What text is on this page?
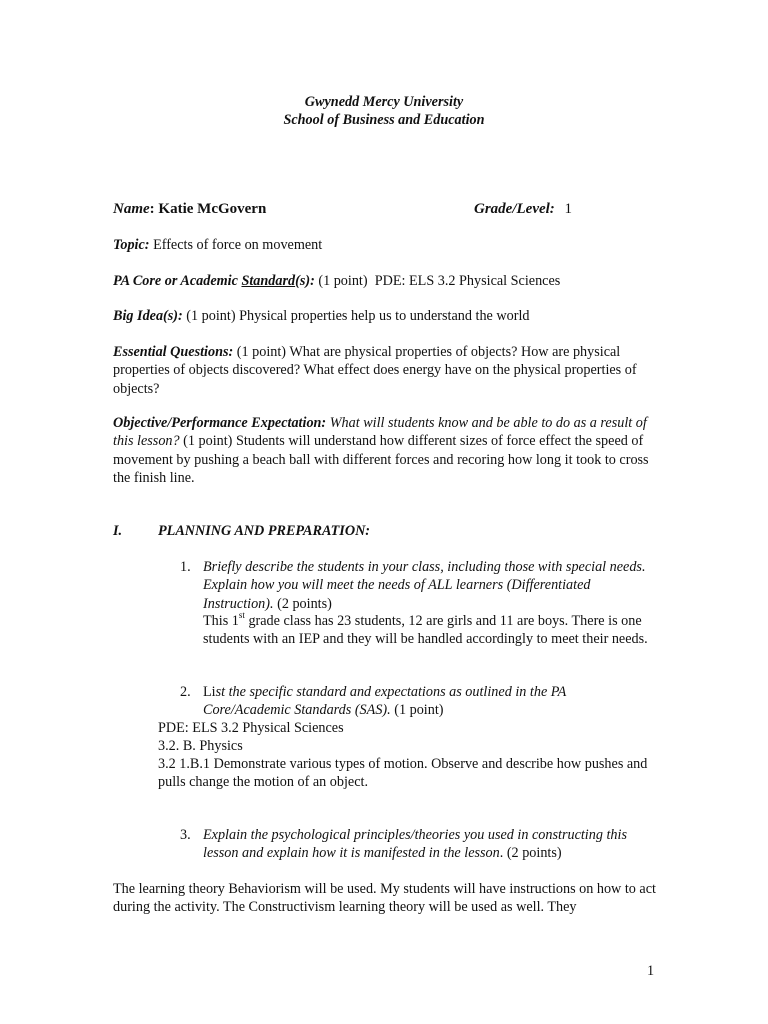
Gwynedd Mercy University
School of Business and Education
Name: Katie McGovern	Grade/Level: 1

Topic: Effects of force on movement

PA Core or Academic Standard(s): (1 point)  PDE: ELS 3.2 Physical Sciences

Big Idea(s): (1 point) Physical properties help us to understand the world

Essential Questions: (1 point) What are physical properties of objects? How are physical properties of objects discovered? What effect does energy have on the physical properties of objects?

Objective/Performance Expectation: What will students know and be able to do as a result of this lesson? (1 point) Students will understand how different sizes of force effect the speed of movement by pushing a beach ball with different forces and recoring how long it took to cross the finish line.

I.	PLANNING AND PREPARATION:
1. Briefly describe the students in your class, including those with special needs. Explain how you will meet the needs of ALL learners (Differentiated Instruction). (2 points)

This 1st grade class has 23 students, 12 are girls and 11 are boys. There is one students with an IEP and they will be handled accordingly to meet their needs.

2. List the specific standard and expectations as outlined in the PA Core/Academic Standards (SAS). (1 point)

PDE: ELS 3.2 Physical Sciences

3.2. B. Physics

3.2 1.B.1 Demonstrate various types of motion. Observe and describe how pushes and pulls change the motion of an object.

3. Explain the psychological principles/theories you used in constructing this lesson and explain how it is manifested in the lesson. (2 points)

The learning theory Behaviorism will be used. My students will have instructions on how to act during the activity. The Constructivism learning theory will be used as well. They

1
